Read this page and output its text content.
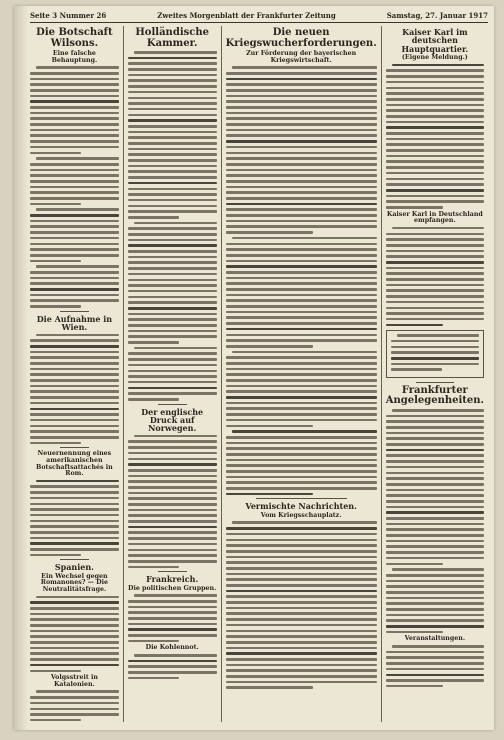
Seite 3 Nummer 26	Zweites Morgenblatt der Frankfurter Zeitung	Samstag, 27. Januar 1917
Die Botschaft Wilsons.
Eine falsche Behauptung.
Die Aufnahme in Wien.
Neuernennung eines amerikanischen Botschaftsattachés in Rom.
Spanien.
Ein Wechsel gegen Romanones? — Die Neutralitätsfrage.
Volgsstreit in Katalonien.
Holländische Kammer.
Der englische Druck auf Norwegen.
Frankreich.
Die politischen Gruppen.
Die Kohlennot.
Die neuen Kriegswucherforderungen.
Zur Förderung der bayerischen Kriegswirtschaft.
Vermischte Nachrichten.
Vom Kriegsschauplatz.
Kaiser Karl im deutschen Hauptquartier.
(Eigene Meldung.)
Kaiser Karl in Deutschland empfangen.
Frankfurter Angelegenheiten.
Veranstaltungen.
